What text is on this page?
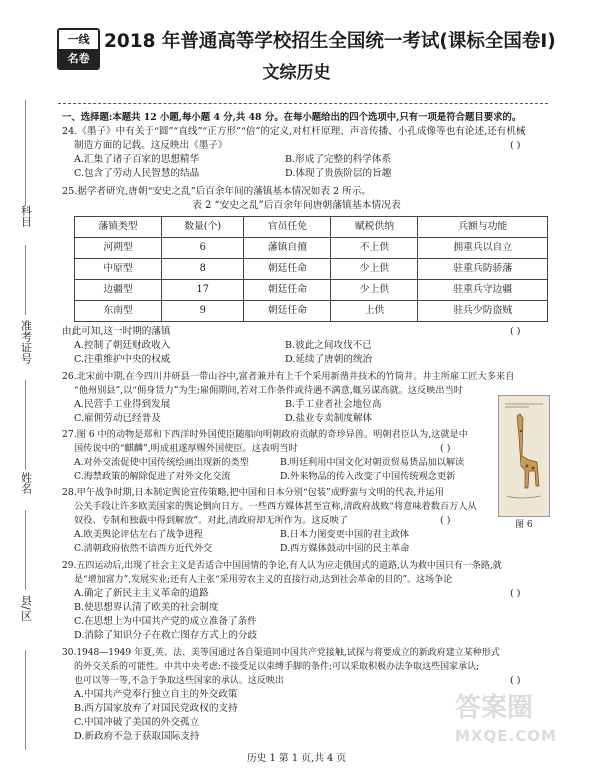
一线
名卷
2018 年普通高等学校招生全国统一考试(课标全国卷Ⅰ)
文综历史
科目
准考证号
姓名
县/区
一、选择题:本题共 12 小题,每小题 4 分,共 48 分。在每小题给出的四个选项中,只有一项是符合题目要求的。
24.《墨子》中有关于“圆”“直线”“正方形”“倍”的定义,对杠杆原理、声音传播、小孔成像等也有论述,还有机械
制造方面的记载。这反映出《墨子》	( )
A.汇集了诸子百家的思想精华	B.形成了完整的科学体系
C.包含了劳动人民智慧的结晶	D.体现了贵族阶层的旨趣
25.据学者研究,唐朝“安史之乱”后百余年间的藩镇基本情况如表 2 所示。
表 2 “安史之乱”后百余年间唐朝藩镇基本情况表
藩镇类型	数量(个)	官员任免	赋税供纳	兵额与功能
河朔型	6	藩镇自擅	不上供	拥重兵以自立
中原型	8	朝廷任命	少上供	驻重兵防骄藩
边疆型	17	朝廷任命	少上供	驻重兵守边疆
东南型	9	朝廷任命	上供	驻兵少防盗贼
由此可知,这一时期的藩镇	( )
A.控制了朝廷财政收入	B.彼此之间攻伐不已
C.注重维护中央的权威	D.延续了唐朝的统治
26.北宋前中期,在今四川井研县一带山谷中,富者兼并有上千个采用新凿井技术的竹筒井。井主所雇工匠大多来自
“他州别县”,以“佣身赁力”为生;雇佣期间,若对工作条件或待遇不满意,辄另谋高就。这反映出当时
A.民营手工业得到发展	B.手工业者社会地位高
C.雇佣劳动已经普及	D.盐业专卖制度解体
27.图 6 中的动物是郑和下西洋时外国使臣随船向明朝政府贡献的奇珍异兽。明朝君臣认为,这就是中
国传说中的“麒麟”,明成祖遂厚赐外国使臣。这表明当时	( )
A.对外交流促使中国传统绘画出现新的类型	B.明廷利用中国文化对朝贡贸易货品加以解读
C.海禁政策的解除促进了对外文化交流	D.外来物品的传入改变了中国传统观念更新
图 6
28.甲午战争时期,日本制定舆论宣传策略,把中国和日本分别“包装”成野蛮与文明的代表,并运用
公关手段让许多欧美国家的舆论倒向日方。一些西方媒体甚至宣称,清政府战败“将意味着数百万人从
奴役、专制和独裁中得到解放”。对此,清政府却无所作为。这反映了	( )
A.欧美舆论评估左右了战争进程	B.日本力图变更中国的君主政体
C.清朝政府依然不谙西方近代外交	D.西方媒体鼓动中国的民主革命
29.五四运动后,出现了社会主义是否适合中国国情的争论,有人认为应走俄国式的道路,认为救中国只有一条路,就
是“增加富力”,发展实业;还有人主张“采用劳农主义的直接行动,达到社会革命的目的”。这场争论
( )
A.确定了新民主主义革命的道路
B.使思想界认清了欧美的社会制度
C.在思想上为中国共产党的成立准备了条件
D.消除了知识分子在救亡图存方式上的分歧
30.1948—1949 年夏,英、法、美等国通过各自渠道同中国共产党接触,试探与将要成立的新政府建立某种形式
的外交关系的可能性。中共中央考虑:不接受足以束缚手脚的条件;可以采取积极办法争取这些国家承认;
也可以等一等,不急于争取这些国家的承认。这反映出	( )
A.中国共产党奉行独立自主的外交政策
B.西方国家放弃了对国民党政权的支持
C.中国冲破了美国的外交孤立
D.新政府不急于获取国际支持
历史 1 第 1 页,共 4 页
答案圈
MXQE.COM
